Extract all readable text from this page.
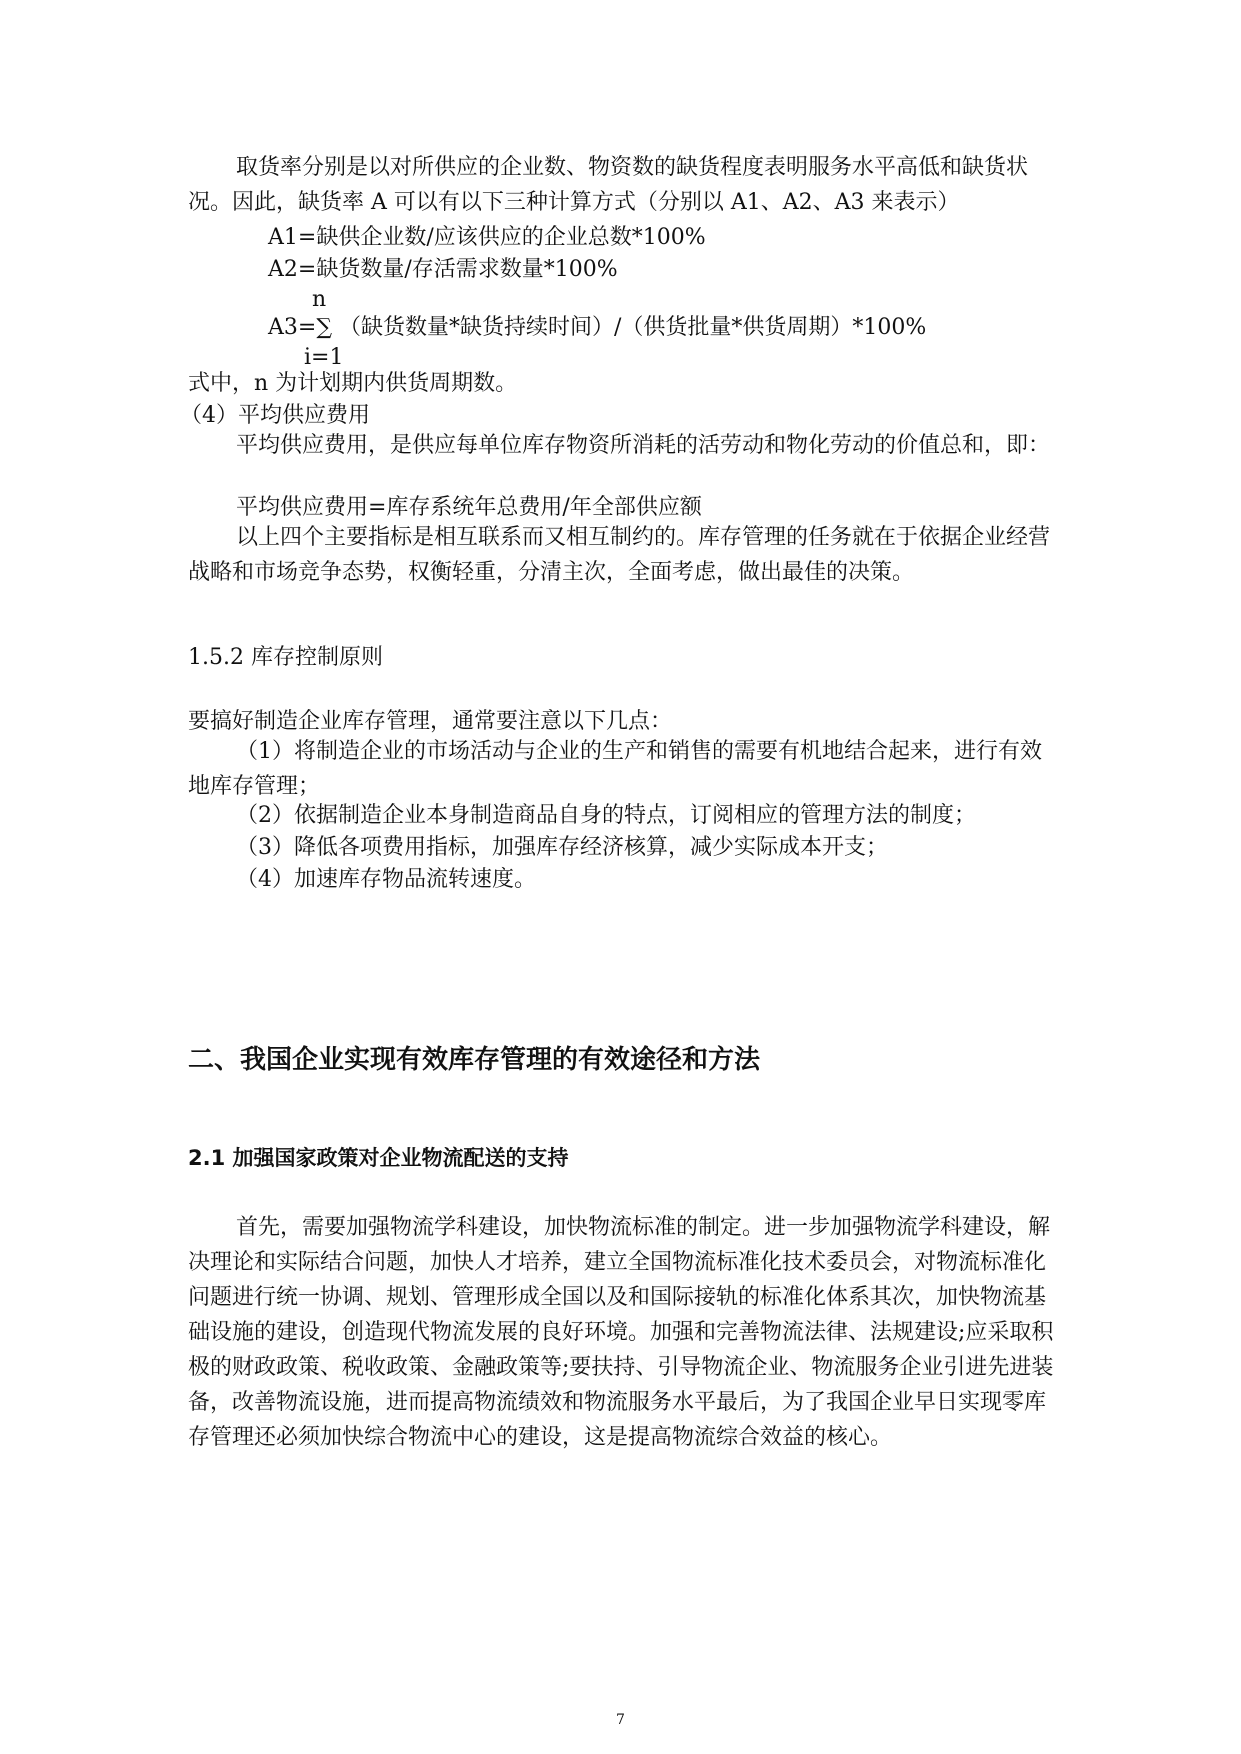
取货率分别是以对所供应的企业数、物资数的缺货程度表明服务水平高低和缺货状况。因此，缺货率 A 可以有以下三种计算方式（分别以 A1、A2、A3 来表示）

A1=缺供企业数/应该供应的企业总数*100%
A2=缺货数量/存活需求数量*100%
n
A3=∑ （缺货数量*缺货持续时间）/（供货批量*供货周期）*100%
i=1
式中，n 为计划期内供货周期数。
（4）平均供应费用

平均供应费用，是供应每单位库存物资所消耗的活劳动和物化劳动的价值总和，即：

平均供应费用=库存系统年总费用/年全部供应额

以上四个主要指标是相互联系而又相互制约的。库存管理的任务就在于依据企业经营战略和市场竞争态势，权衡轻重，分清主次，全面考虑，做出最佳的决策。

1.5.2 库存控制原则
要搞好制造企业库存管理，通常要注意以下几点：

（1）将制造企业的市场活动与企业的生产和销售的需要有机地结合起来，进行有效地库存管理；

（2）依据制造企业本身制造商品自身的特点，订阅相应的管理方法的制度；
（3）降低各项费用指标，加强库存经济核算，减少实际成本开支；
（4）加速库存物品流转速度。
二、我国企业实现有效库存管理的有效途径和方法
2.1 加强国家政策对企业物流配送的支持

首先，需要加强物流学科建设，加快物流标准的制定。进一步加强物流学科建设，解决理论和实际结合问题，加快人才培养，建立全国物流标准化技术委员会，对物流标准化问题进行统一协调、规划、管理形成全国以及和国际接轨的标准化体系其次，加快物流基础设施的建设，创造现代物流发展的良好环境。加强和完善物流法律、法规建设;应采取积极的财政政策、税收政策、金融政策等;要扶持、引导物流企业、物流服务企业引进先进装备，改善物流设施，进而提高物流绩效和物流服务水平最后，为了我国企业早日实现零库存管理还必须加快综合物流中心的建设，这是提高物流综合效益的核心。

7
